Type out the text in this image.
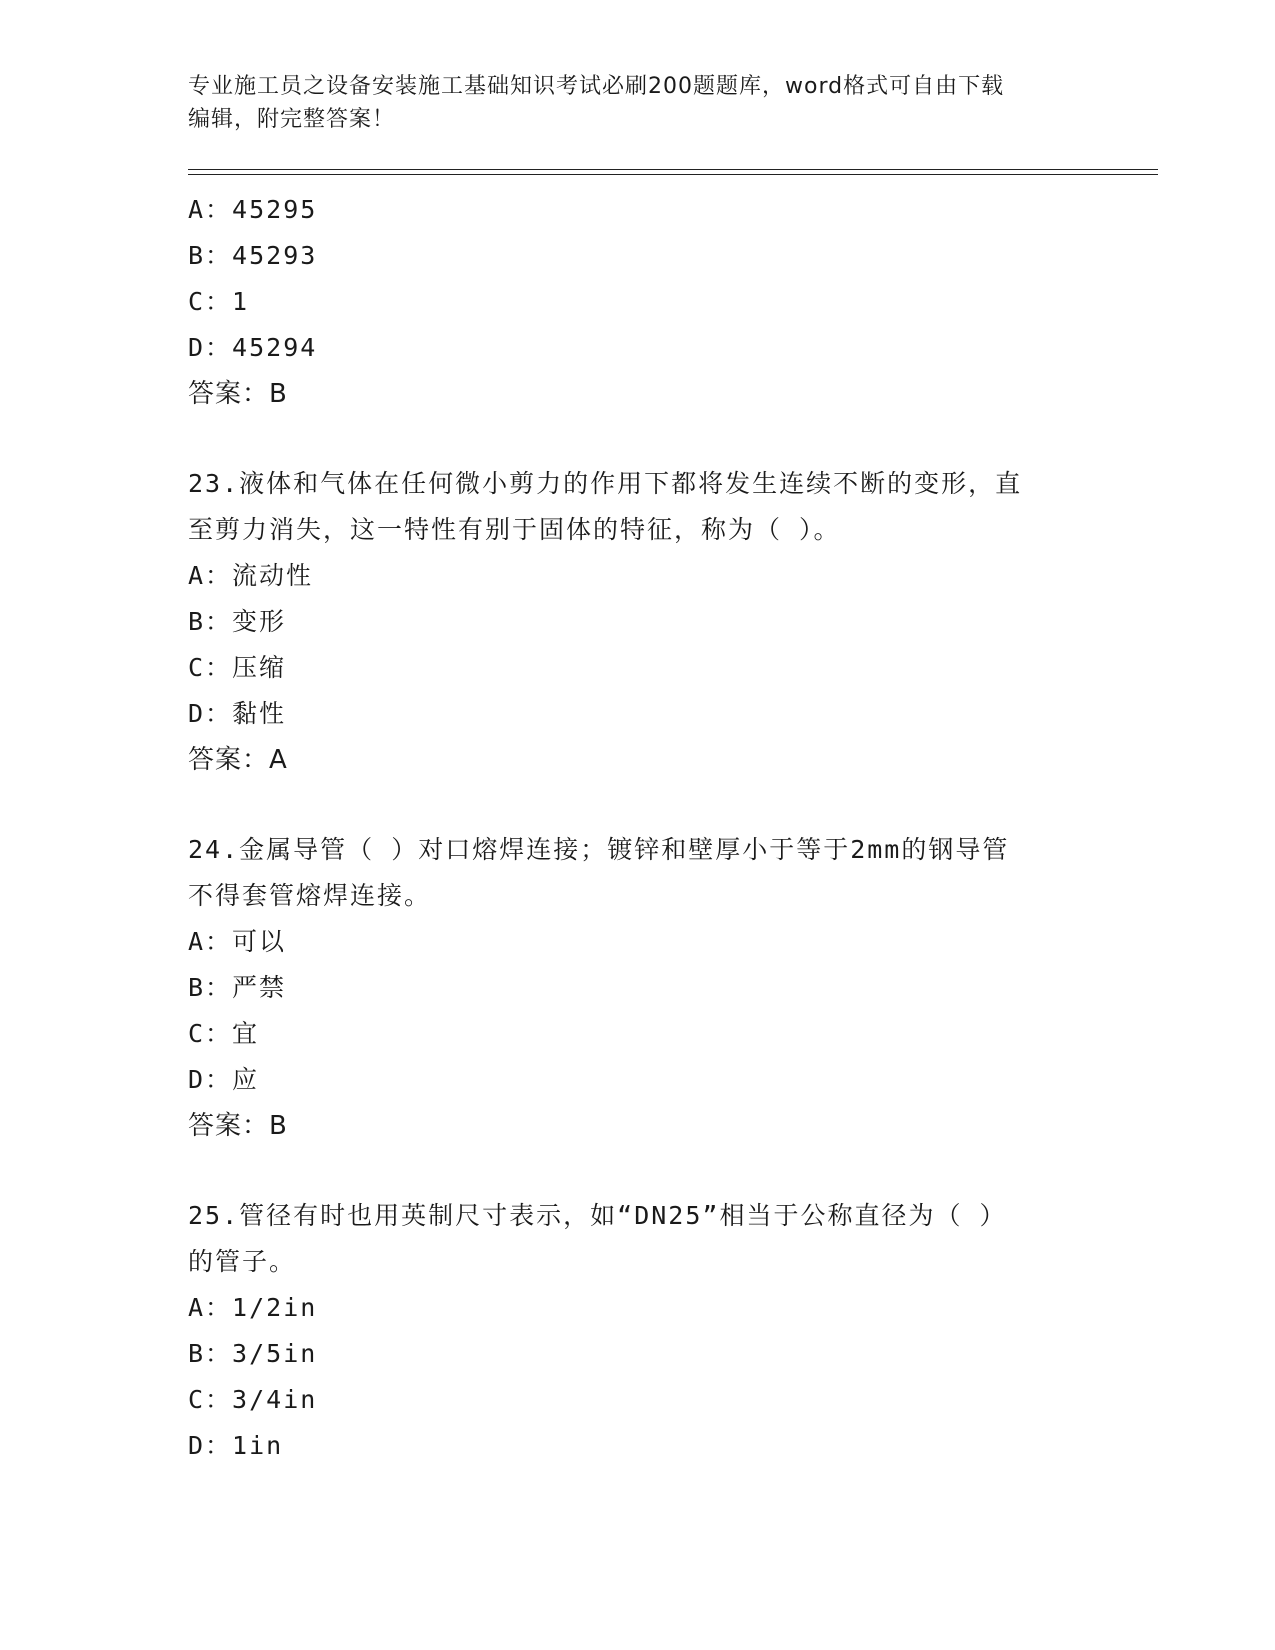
专业施工员之设备安装施工基础知识考试必刷200题题库，word格式可自由下载
编辑，附完整答案！
A：45295
B：45293
C：1
D：45294
答案：B
23.液体和气体在任何微小剪力的作用下都将发生连续不断的变形，直
至剪力消失，这一特性有别于固体的特征，称为（ ）。
A：流动性
B：变形
C：压缩
D：黏性
答案：A
24.金属导管（ ）对口熔焊连接；镀锌和壁厚小于等于2mm的钢导管
不得套管熔焊连接。
A：可以
B：严禁
C：宜
D：应
答案：B
25.管径有时也用英制尺寸表示，如“DN25”相当于公称直径为（ ）
的管子。
A：1/2in
B：3/5in
C：3/4in
D：1in
